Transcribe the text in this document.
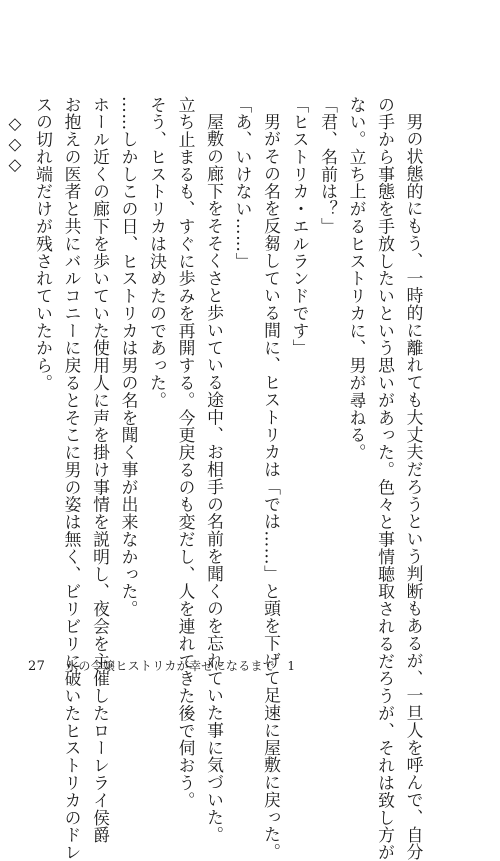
男の状態的にもう、一時的に離れても大丈夫だろうという判断もあるが、一旦人を呼んで、自分
の手から事態を手放したいという思いがあった。色々と事情聴取されるだろうが、それは致し方が
ない。立ち上がるヒストリカに、男が尋ねる。
「君、名前は？」
「ヒストリカ・エルランドです」
男がその名を反芻している間に、ヒストリカは「では……」と頭を下げて足速に屋敷に戻った。
「あ、いけない……」
屋敷の廊下をそそくさと歩いている途中、お相手の名前を聞くのを忘れていた事に気づいた。
立ち止まるも、すぐに歩みを再開する。今更戻るのも変だし、人を連れてきた後で伺おう。
そう、ヒストリカは決めたのであった。
……しかしこの日、ヒストリカは男の名を聞く事が出来なかった。
ホール近くの廊下を歩いていた使用人に声を掛け事情を説明し、夜会を主催したローレライ侯爵
お抱えの医者と共にバルコニーに戻るとそこに男の姿は無く、ビリビリに破いたヒストリカのドレ
スの切れ端だけが残されていたから。
◇◇◇
27 氷の令嬢ヒストリカが幸せになるまで　1
